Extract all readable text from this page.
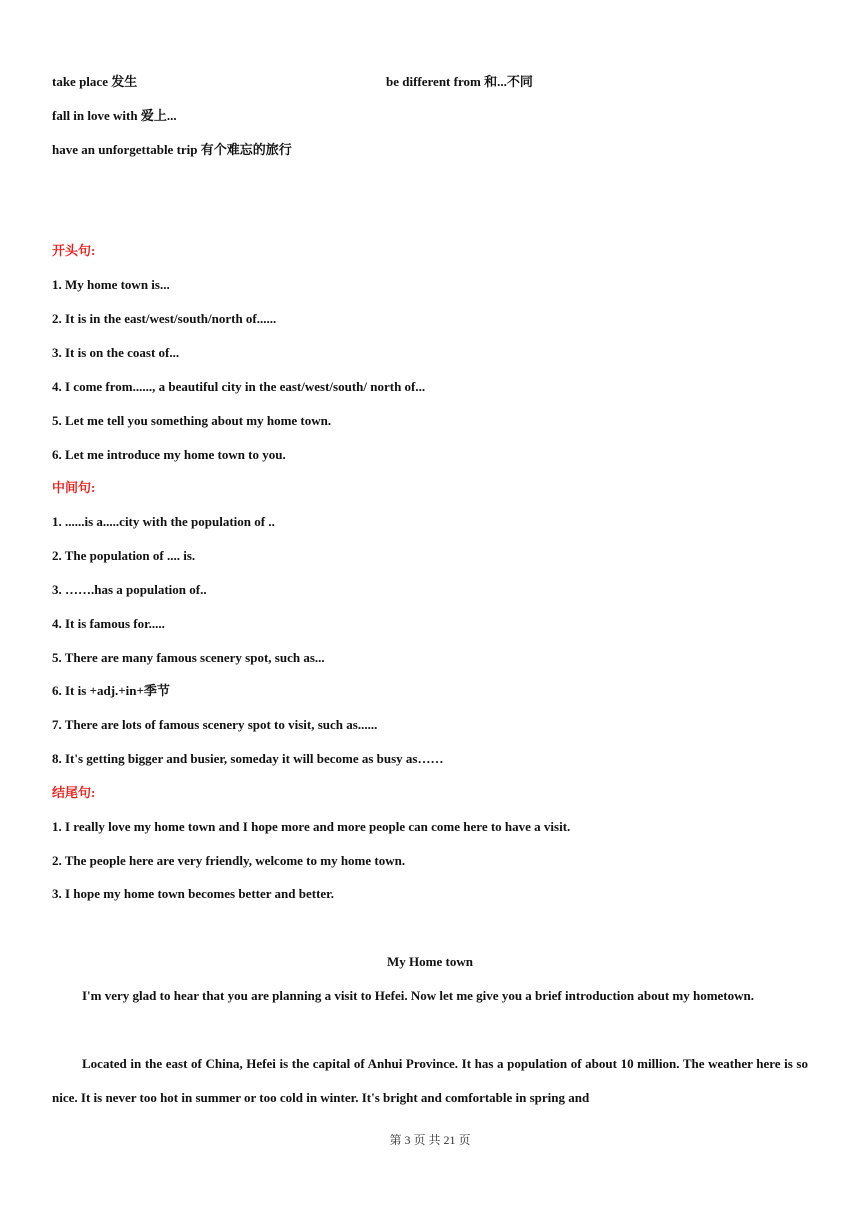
take place 发生	be different from 和...不同
fall in love with 爱上...
have an unforgettable trip 有个难忘的旅行
开头句:
1. My home town is...
2. It is in the east/west/south/north of......
3. It is on the coast of...
4. I come from......, a beautiful city in the east/west/south/ north of...
5. Let me tell you something about my home town.
6. Let me introduce my home town to you.
中间句:
1. ......is a.....city with the population of ..
2. The population of .... is.
3. …….has a population of..
4. It is famous for.....
5. There are many famous scenery spot, such as...
6. It is +adj.+in+季节
7. There are lots of famous scenery spot to visit, such as......
8. It's getting bigger and busier, someday it will become as busy as……
结尾句:
1. I really love my home town and I hope more and more people can come here to have a visit.
2. The people here are very friendly, welcome to my home town.
3. I hope my home town becomes better and better.
My Home town
I'm very glad to hear that you are planning a visit to Hefei. Now let me give you a brief introduction about my hometown.
Located in the east of China, Hefei is the capital of Anhui Province. It has a population of about 10 million. The weather here is so nice. It is never too hot in summer or too cold in winter. It's bright and comfortable in spring and
第 3 页 共 21 页
